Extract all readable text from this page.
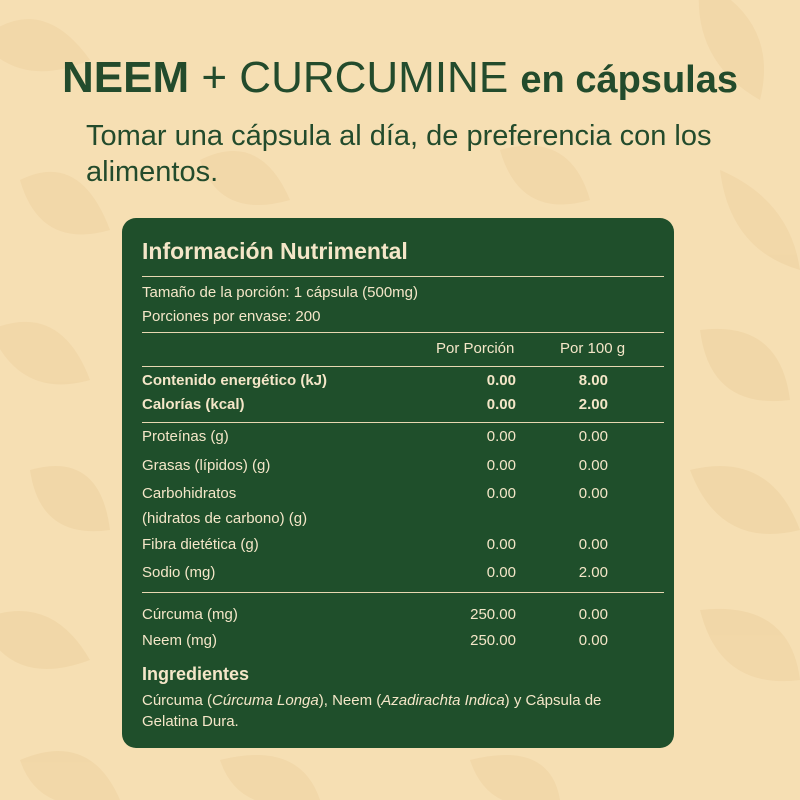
NEEM + CURCUMINE en cápsulas
Tomar una cápsula al día, de preferencia con los alimentos.
Información Nutrimental
Tamaño de la porción: 1 cápsula (500mg)
Porciones por envase: 200
Por Porción	Por 100 g
Contenido energético (kJ)	0.00	8.00
Calorías (kcal)	0.00	2.00
Proteínas (g)	0.00	0.00
Grasas (lípidos) (g)	0.00	0.00
Carbohidratos
(hidratos de carbono) (g)
0.00	0.00
Fibra dietética (g)	0.00	0.00
Sodio (mg)	0.00	2.00
Cúrcuma (mg)	250.00	0.00
Neem (mg)	250.00	0.00
Ingredientes
Cúrcuma (Cúrcuma Longa), Neem (Azadirachta Indica) y Cápsula de Gelatina Dura.
